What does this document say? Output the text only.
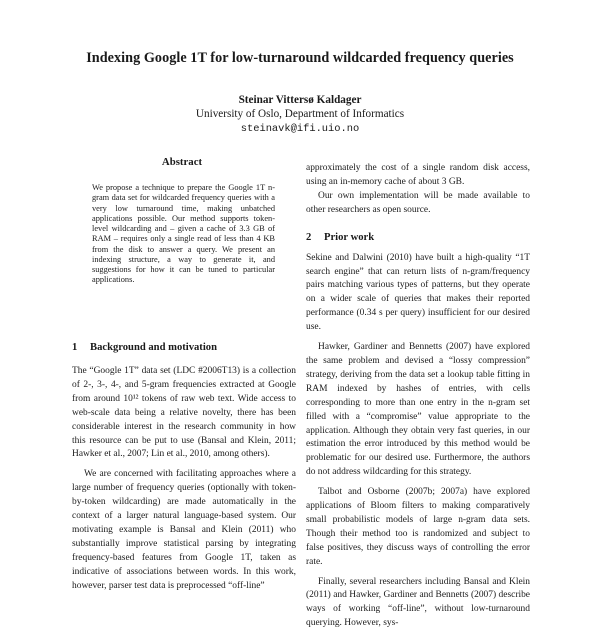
Indexing Google 1T for low-turnaround wildcarded frequency queries
Steinar Vittersø Kaldager
University of Oslo, Department of Informatics
steinavk@ifi.uio.no
Abstract
We propose a technique to prepare the Google 1T n-gram data set for wildcarded frequency queries with a very low turnaround time, making unbatched applications possible. Our method supports token-level wildcarding and – given a cache of 3.3 GB of RAM – requires only a single read of less than 4 KB from the disk to answer a query. We present an indexing structure, a way to generate it, and suggestions for how it can be tuned to particular applications.
1 Background and motivation

The “Google 1T” data set (LDC #2006T13) is a collection of 2-, 3-, 4-, and 5-gram frequencies extracted at Google from around 10¹² tokens of raw web text. Wide access to web-scale data being a relative novelty, there has been considerable interest in the research community in how this resource can be put to use (Bansal and Klein, 2011; Hawker et al., 2007; Lin et al., 2010, among others).

We are concerned with facilitating approaches where a large number of frequency queries (optionally with token-by-token wildcarding) are made automatically in the context of a larger natural language-based system. Our motivating example is Bansal and Klein (2011) who substantially improve statistical parsing by integrating frequency-based features from Google 1T, taken as indicative of associations between words. In this work, however, parser test data is preprocessed “off-line”

approximately the cost of a single random disk access, using an in-memory cache of about 3 GB.

Our own implementation will be made available to other researchers as open source.

2 Prior work

Sekine and Dalwini (2010) have built a high-quality “1T search engine” that can return lists of n-gram/frequency pairs matching various types of patterns, but they operate on a wider scale of queries that makes their reported performance (0.34 s per query) insufficient for our desired use.

Hawker, Gardiner and Bennetts (2007) have explored the same problem and devised a “lossy compression” strategy, deriving from the data set a lookup table fitting in RAM indexed by hashes of entries, with cells corresponding to more than one entry in the n-gram set filled with a “compromise” value appropriate to the application. Although they obtain very fast queries, in our estimation the error introduced by this method would be problematic for our desired use. Furthermore, the authors do not address wildcarding for this strategy.

Talbot and Osborne (2007b; 2007a) have explored applications of Bloom filters to making comparatively small probabilistic models of large n-gram data sets. Though their method too is randomized and subject to false positives, they discuss ways of controlling the error rate.

Finally, several researchers including Bansal and Klein (2011) and Hawker, Gardiner and Bennetts (2007) describe ways of working “off-line”, without low-turnaround querying. However, sys-
